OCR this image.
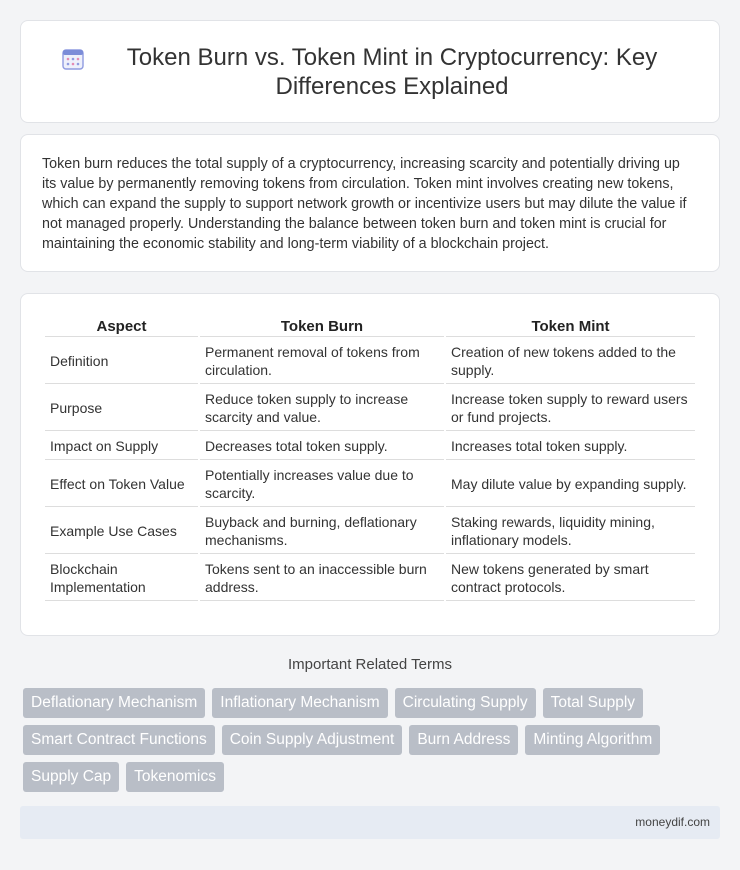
Token Burn vs. Token Mint in Cryptocurrency: Key Differences Explained

Token burn reduces the total supply of a cryptocurrency, increasing scarcity and potentially driving up its value by permanently removing tokens from circulation. Token mint involves creating new tokens, which can expand the supply to support network growth or incentivize users but may dilute the value if not managed properly. Understanding the balance between token burn and token mint is crucial for maintaining the economic stability and long-term viability of a blockchain project.

Aspect	Token Burn	Token Mint
Definition	Permanent removal of tokens from circulation.	Creation of new tokens added to the supply.
Purpose	Reduce token supply to increase scarcity and value.	Increase token supply to reward users or fund projects.
Impact on Supply	Decreases total token supply.	Increases total token supply.
Effect on Token Value	Potentially increases value due to scarcity.	May dilute value by expanding supply.
Example Use Cases	Buyback and burning, deflationary mechanisms.	Staking rewards, liquidity mining, inflationary models.
Blockchain Implementation	Tokens sent to an inaccessible burn address.	New tokens generated by smart contract protocols.
Important Related Terms
Deflationary Mechanism	Inflationary Mechanism	Circulating Supply	Total Supply
Smart Contract Functions	Coin Supply Adjustment	Burn Address	Minting Algorithm
Supply Cap	Tokenomics
moneydif.com
